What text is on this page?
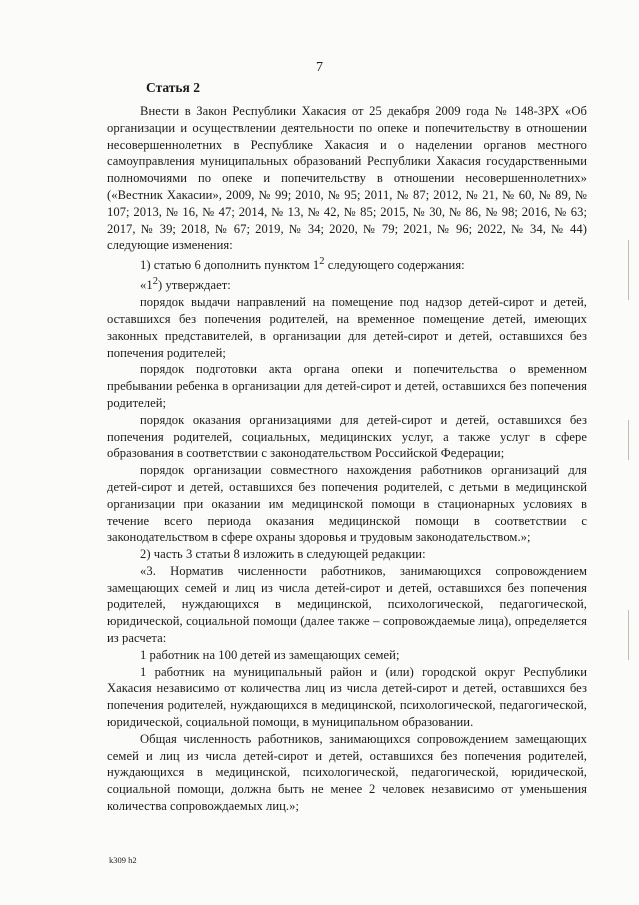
7
Статья 2

Внести в Закон Республики Хакасия от 25 декабря 2009 года № 148-ЗРХ «Об организации и осуществлении деятельности по опеке и попечительству в отношении несовершеннолетних в Республике Хакасия и о наделении органов местного самоуправления муниципальных образований Республики Хакасия государственными полномочиями по опеке и попечительству в отношении несовершеннолетних» («Вестник Хакасии», 2009, № 99; 2010, № 95; 2011, № 87; 2012, № 21, № 60, № 89, № 107; 2013, № 16, № 47; 2014, № 13, № 42, № 85; 2015, № 30, № 86, № 98; 2016, № 63; 2017, № 39; 2018, № 67; 2019, № 34; 2020, № 79; 2021, № 96; 2022, № 34, № 44) следующие изменения:

1) статью 6 дополнить пунктом $1^2$ следующего содержания:

«$1^2$) утверждает:

порядок выдачи направлений на помещение под надзор детей-сирот и детей, оставшихся без попечения родителей, на временное помещение детей, имеющих законных представителей, в организации для детей-сирот и детей, оставшихся без попечения родителей;

порядок подготовки акта органа опеки и попечительства о временном пребывании ребенка в организации для детей-сирот и детей, оставшихся без попечения родителей;

порядок оказания организациями для детей-сирот и детей, оставшихся без попечения родителей, социальных, медицинских услуг, а также услуг в сфере образования в соответствии с законодательством Российской Федерации;

порядок организации совместного нахождения работников организаций для детей-сирот и детей, оставшихся без попечения родителей, с детьми в медицинской организации при оказании им медицинской помощи в стационарных условиях в течение всего периода оказания медицинской помощи в соответствии с законодательством в сфере охраны здоровья и трудовым законодательством.»;

2) часть 3 статьи 8 изложить в следующей редакции:

«3. Норматив численности работников, занимающихся сопровождением замещающих семей и лиц из числа детей-сирот и детей, оставшихся без попечения родителей, нуждающихся в медицинской, психологической, педагогической, юридической, социальной помощи (далее также – сопровождаемые лица), определяется из расчета:

1 работник на 100 детей из замещающих семей;

1 работник на муниципальный район и (или) городской округ Республики Хакасия независимо от количества лиц из числа детей-сирот и детей, оставшихся без попечения родителей, нуждающихся в медицинской, психологической, педагогической, юридической, социальной помощи, в муниципальном образовании.

Общая численность работников, занимающихся сопровождением замещающих семей и лиц из числа детей-сирот и детей, оставшихся без попечения родителей, нуждающихся в медицинской, психологической, педагогической, юридической, социальной помощи, должна быть не менее 2 человек независимо от уменьшения количества сопровождаемых лиц.»;

k309 h2
